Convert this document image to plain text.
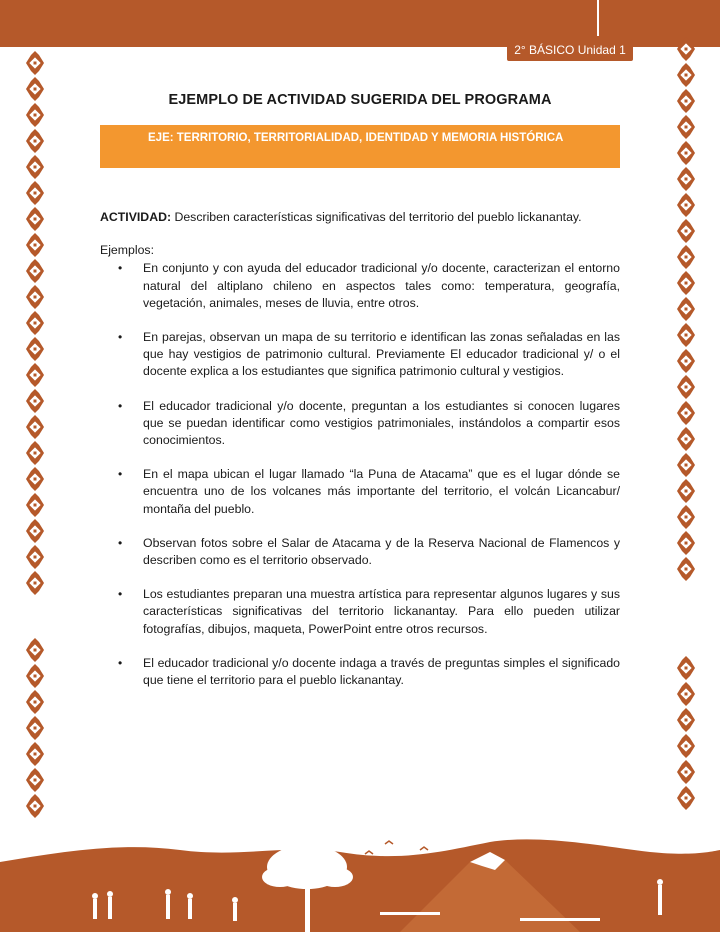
2° BÁSICO Unidad 1
EJEMPLO DE ACTIVIDAD SUGERIDA DEL PROGRAMA
EJE: TERRITORIO, TERRITORIALIDAD, IDENTIDAD Y MEMORIA HISTÓRICA

ACTIVIDAD: Describen características significativas del territorio del pueblo lickanantay.

Ejemplos:

• En conjunto y con ayuda del educador tradicional y/o docente, caracterizan el entorno natural del altiplano chileno en aspectos tales como: temperatura, geografía, vegetación, animales, meses de lluvia, entre otros.
• En parejas, observan un mapa de su territorio e identifican las zonas señaladas en las que hay vestigios de patrimonio cultural. Previamente El educador tradicional y/ o el docente explica a los estudiantes que significa patrimonio cultural y vestigios.
• El educador tradicional y/o docente, preguntan a los estudiantes si conocen lugares que se puedan identificar como vestigios patrimoniales, instándolos a compartir esos conocimientos.
• En el mapa ubican el lugar llamado “la Puna de Atacama” que es el lugar dónde se encuentra uno de los volcanes más importante del territorio, el volcán Licancabur/ montaña del pueblo.
• Observan fotos sobre el Salar de Atacama y de la Reserva Nacional de Flamencos y describen como es el territorio observado.
• Los estudiantes preparan una muestra artística para representar algunos lugares y sus características significativas del territorio lickanantay. Para ello pueden utilizar fotografías, dibujos, maqueta, PowerPoint entre otros recursos.
• El educador tradicional y/o docente indaga a través de preguntas simples el significado que tiene el territorio para el pueblo lickanantay.
